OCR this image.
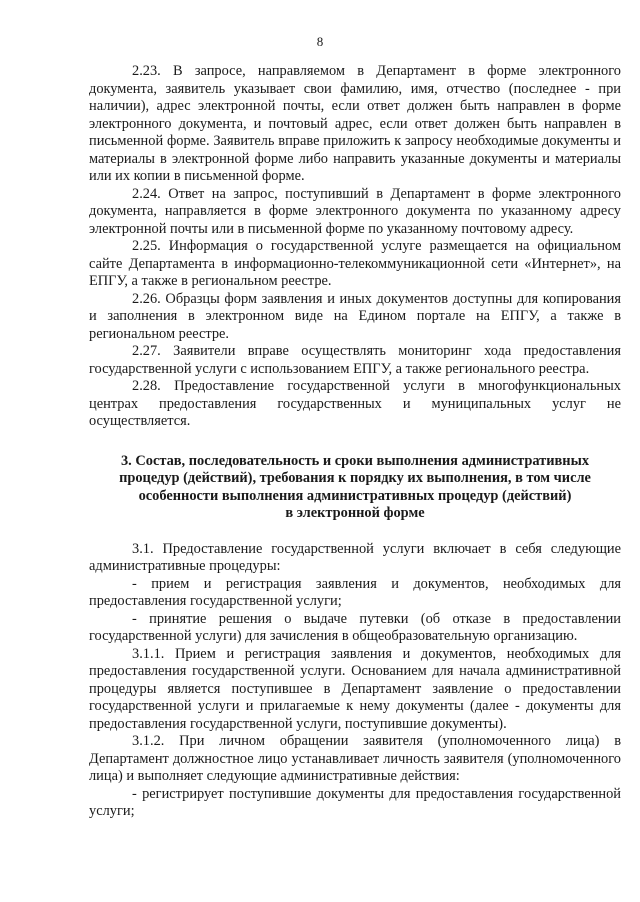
8

2.23. В запросе, направляемом в Департамент в форме электронного документа, заявитель указывает свои фамилию, имя, отчество (последнее - при наличии), адрес электронной почты, если ответ должен быть направлен в форме электронного документа, и почтовый адрес, если ответ должен быть направлен в письменной форме. Заявитель вправе приложить к запросу необходимые документы и материалы в электронной форме либо направить указанные документы и материалы или их копии в письменной форме.

2.24. Ответ на запрос, поступивший в Департамент в форме электронного документа, направляется в форме электронного документа по указанному адресу электронной почты или в письменной форме по указанному почтовому адресу.

2.25. Информация о государственной услуге размещается на официальном сайте Департамента в информационно-телекоммуникационной сети «Интернет», на ЕПГУ, а также в региональном реестре.

2.26. Образцы форм заявления и иных документов доступны для копирования и заполнения в электронном виде на Едином портале на ЕПГУ, а также в региональном реестре.

2.27. Заявители вправе осуществлять мониторинг хода предоставления государственной услуги с использованием ЕПГУ, а также регионального реестра.

2.28. Предоставление государственной услуги в многофункциональных центрах предоставления государственных и муниципальных услуг не осуществляется.

3. Состав, последовательность и сроки выполнения административных
процедур (действий), требования к порядку их выполнения, в том числе
особенности выполнения административных процедур (действий)
в электронной форме

3.1. Предоставление государственной услуги включает в себя следующие административные процедуры:

- прием и регистрация заявления и документов, необходимых для предоставления государственной услуги;

- принятие решения о выдаче путевки (об отказе в предоставлении государственной услуги) для зачисления в общеобразовательную организацию.

3.1.1. Прием и регистрация заявления и документов, необходимых для предоставления государственной услуги. Основанием для начала административной процедуры является поступившее в Департамент заявление о предоставлении государственной услуги и прилагаемые к нему документы (далее - документы для предоставления государственной услуги, поступившие документы).

3.1.2. При личном обращении заявителя (уполномоченного лица) в Департамент должностное лицо устанавливает личность заявителя (уполномоченного лица) и выполняет следующие административные действия:

- регистрирует поступившие документы для предоставления государственной услуги;
